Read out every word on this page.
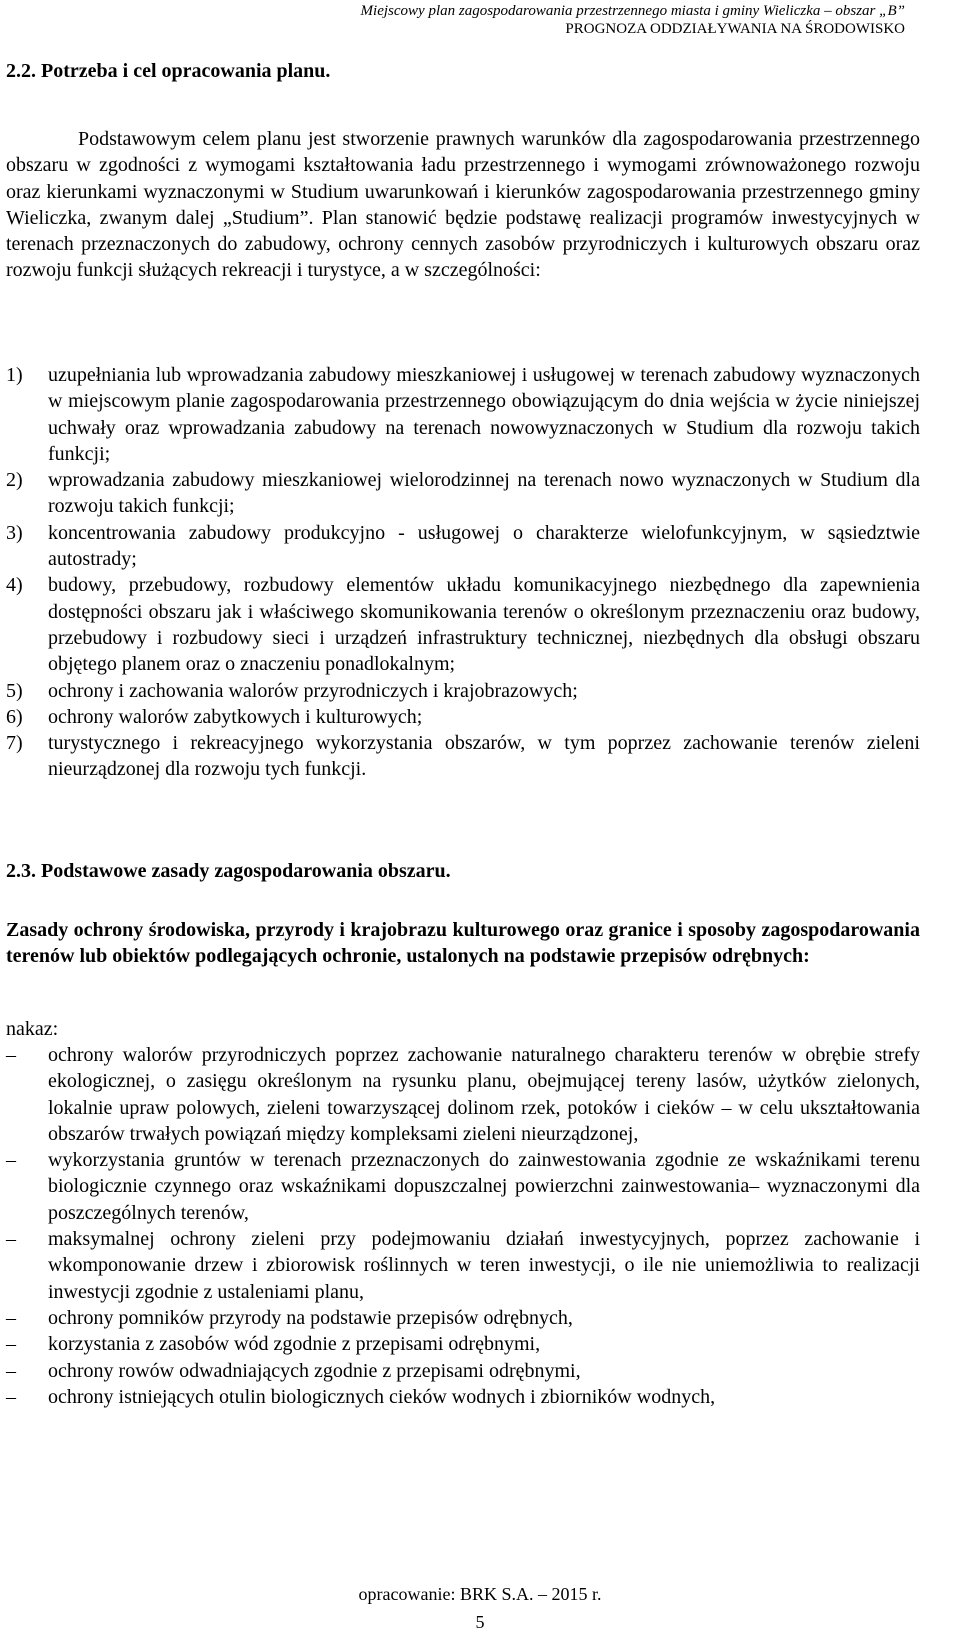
Miejscowy plan zagospodarowania przestrzennego miasta i gminy Wieliczka – obszar „B”
PROGNOZA ODDZIAŁYWANIA NA ŚRODOWISKO
2.2. Potrzeba i cel opracowania planu.
Podstawowym celem planu jest stworzenie prawnych warunków dla zagospodarowania przestrzennego obszaru w zgodności z wymogami kształtowania ładu przestrzennego i wymogami zrównoważonego rozwoju oraz kierunkami wyznaczonymi w Studium uwarunkowań i kierunków zagospodarowania przestrzennego gminy Wieliczka, zwanym dalej „Studium”. Plan stanowić będzie podstawę realizacji programów inwestycyjnych w terenach przeznaczonych do zabudowy, ochrony cennych zasobów przyrodniczych i kulturowych obszaru oraz rozwoju funkcji służących rekreacji i turystyce, a w szczególności:
1) uzupełniania lub wprowadzania zabudowy mieszkaniowej i usługowej w terenach zabudowy wyznaczonych w miejscowym planie zagospodarowania przestrzennego obowiązującym do dnia wejścia w życie niniejszej uchwały oraz wprowadzania zabudowy na terenach nowowyznaczonych w Studium dla rozwoju takich funkcji;
2) wprowadzania zabudowy mieszkaniowej wielorodzinnej na terenach nowo wyznaczonych w Studium dla rozwoju takich funkcji;
3) koncentrowania zabudowy produkcyjno - usługowej o charakterze wielofunkcyjnym, w sąsiedztwie autostrady;
4) budowy, przebudowy, rozbudowy elementów układu komunikacyjnego niezbędnego dla zapewnienia dostępności obszaru jak i właściwego skomunikowania terenów o określonym przeznaczeniu oraz budowy, przebudowy i rozbudowy sieci i urządzeń infrastruktury technicznej, niezbędnych dla obsługi obszaru objętego planem oraz o znaczeniu ponadlokalnym;
5) ochrony i zachowania walorów przyrodniczych i krajobrazowych;
6) ochrony walorów zabytkowych i kulturowych;
7) turystycznego i rekreacyjnego wykorzystania obszarów, w tym poprzez zachowanie terenów zieleni nieurządzonej dla rozwoju tych funkcji.
2.3. Podstawowe zasady zagospodarowania obszaru.
Zasady ochrony środowiska, przyrody i krajobrazu kulturowego oraz granice i sposoby zagospodarowania terenów lub obiektów podlegających ochronie, ustalonych na podstawie przepisów odrębnych:
nakaz:
– ochrony walorów przyrodniczych poprzez zachowanie naturalnego charakteru terenów w obrębie strefy ekologicznej, o zasięgu określonym na rysunku planu, obejmującej tereny lasów, użytków zielonych, lokalnie upraw polowych, zieleni towarzyszącej dolinom rzek, potoków i cieków – w celu ukształtowania obszarów trwałych powiązań między kompleksami zieleni nieurządzonej,
– wykorzystania gruntów w terenach przeznaczonych do zainwestowania zgodnie ze wskaźnikami terenu biologicznie czynnego oraz wskaźnikami dopuszczalnej powierzchni zainwestowania– wyznaczonymi dla poszczególnych terenów,
– maksymalnej ochrony zieleni przy podejmowaniu działań inwestycyjnych, poprzez zachowanie i wkomponowanie drzew i zbiorowisk roślinnych w teren inwestycji, o ile nie uniemożliwia to realizacji inwestycji zgodnie z ustaleniami planu,
– ochrony pomników przyrody na podstawie przepisów odrębnych,
– korzystania z zasobów wód zgodnie z przepisami odrębnymi,
– ochrony rowów odwadniających zgodnie z przepisami odrębnymi,
– ochrony istniejących otulin biologicznych cieków wodnych i zbiorników wodnych,
opracowanie: BRK S.A. – 2015 r.
5
